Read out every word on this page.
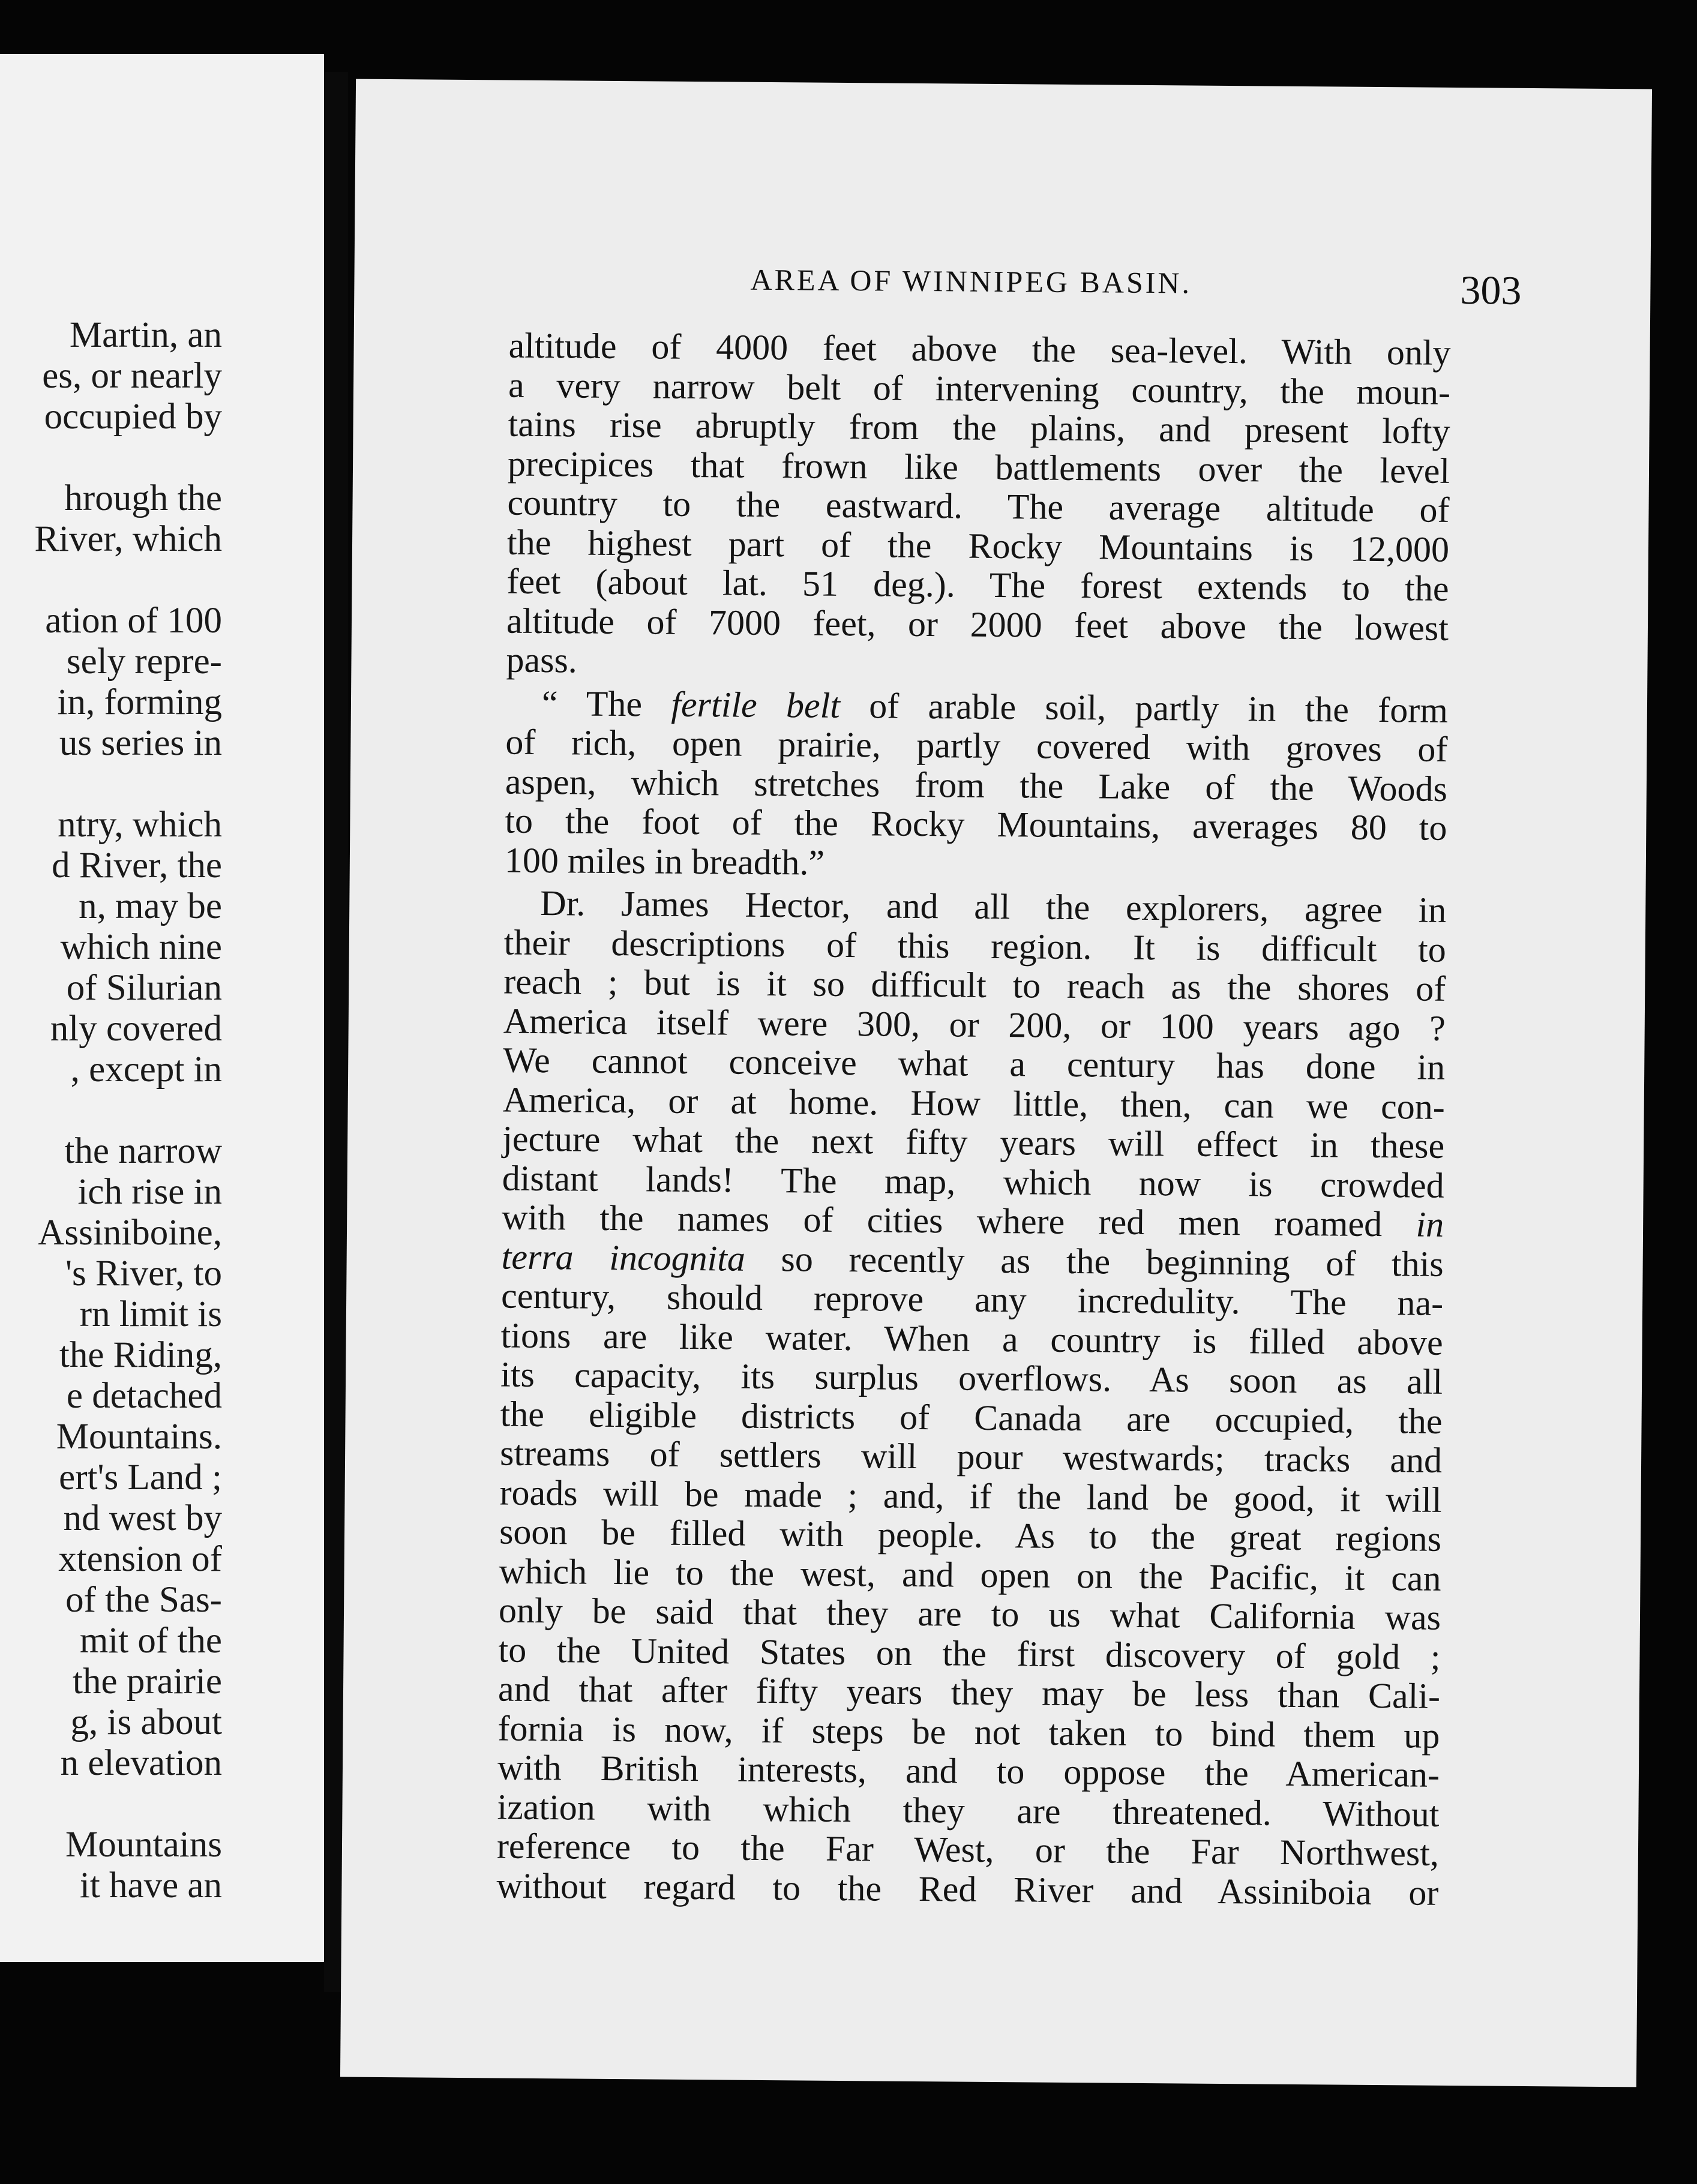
Martin, an
es, or nearly
occupied by
hrough the
River, which
ation of 100
sely repre-
in, forming
us series in
ntry, which
d River, the
n, may be
which nine
of Silurian
nly covered
, except in
the narrow
ich rise in
Assiniboine,
's River, to
rn limit is
the Riding,
e detached
Mountains.
ert's Land ;
nd west by
xtension of
of the Sas-
mit of the
the prairie
g, is about
n elevation
Mountains
it have an
AREA OF WINNIPEG BASIN.	303
altitude of 4000 feet above the sea-level. With only
a very narrow belt of intervening country, the moun-
tains rise abruptly from the plains, and present lofty
precipices that frown like battlements over the level
country to the eastward. The average altitude of
the highest part of the Rocky Mountains is 12,000
feet (about lat. 51 deg.). The forest extends to the
altitude of 7000 feet, or 2000 feet above the lowest
pass.
“ The fertile belt of arable soil, partly in the form
of rich, open prairie, partly covered with groves of
aspen, which stretches from the Lake of the Woods
to the foot of the Rocky Mountains, averages 80 to
100 miles in breadth.”
Dr. James Hector, and all the explorers, agree in
their descriptions of this region. It is difficult to
reach ; but is it so difficult to reach as the shores of
America itself were 300, or 200, or 100 years ago ?
We cannot conceive what a century has done in
America, or at home. How little, then, can we con-
jecture what the next fifty years will effect in these
distant lands! The map, which now is crowded
with the names of cities where red men roamed in
terra incognita so recently as the beginning of this
century, should reprove any incredulity. The na-
tions are like water. When a country is filled above
its capacity, its surplus overflows. As soon as all
the eligible districts of Canada are occupied, the
streams of settlers will pour westwards; tracks and
roads will be made ; and, if the land be good, it will
soon be filled with people. As to the great regions
which lie to the west, and open on the Pacific, it can
only be said that they are to us what California was
to the United States on the first discovery of gold ;
and that after fifty years they may be less than Cali-
fornia is now, if steps be not taken to bind them up
with British interests, and to oppose the American-
ization with which they are threatened. Without
reference to the Far West, or the Far Northwest,
without regard to the Red River and Assiniboia or
